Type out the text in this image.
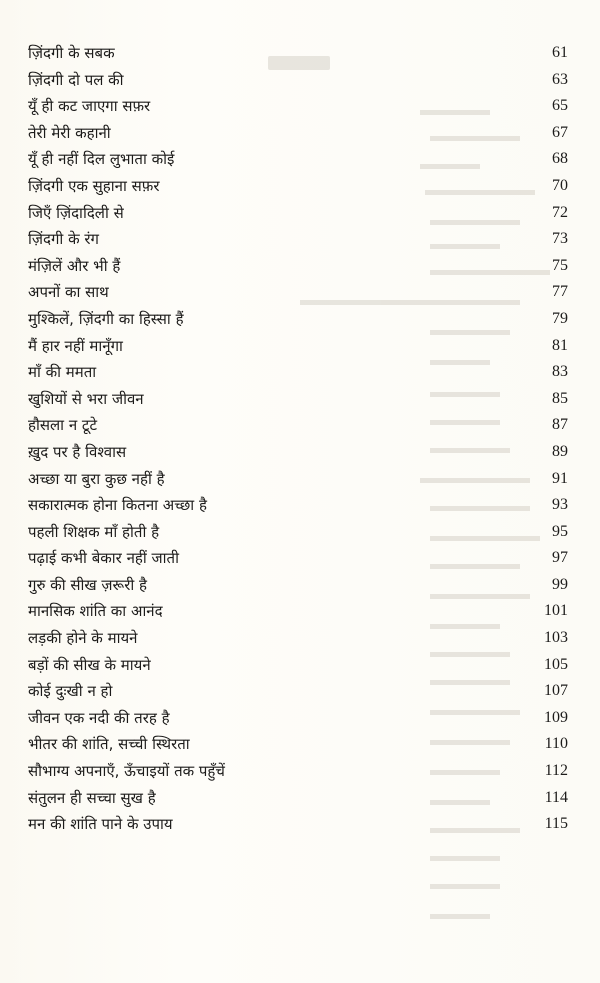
ज़िंदगी के सबक	61
ज़िंदगी दो पल की	63
यूँ ही कट जाएगा सफ़र	65
तेरी मेरी कहानी	67
यूँ ही नहीं दिल लुभाता कोई	68
ज़िंदगी एक सुहाना सफ़र	70
जिएँ ज़िंदादिली से	72
ज़िंदगी के रंग	73
मंज़िलें और भी हैं	75
अपनों का साथ	77
मुश्किलें, ज़िंदगी का हिस्सा हैं	79
मैं हार नहीं मानूँगा	81
माँ की ममता	83
खुशियों से भरा जीवन	85
हौसला न टूटे	87
ख़ुद पर है विश्वास	89
अच्छा या बुरा कुछ नहीं है	91
सकारात्मक होना कितना अच्छा है	93
पहली शिक्षक माँ होती है	95
पढ़ाई कभी बेकार नहीं जाती	97
गुरु की सीख ज़रूरी है	99
मानसिक शांति का आनंद	101
लड़की होने के मायने	103
बड़ों की सीख के मायने	105
कोई दुःखी न हो	107
जीवन एक नदी की तरह है	109
भीतर की शांति, सच्ची स्थिरता	110
सौभाग्य अपनाएँ, ऊँचाइयों तक पहुँचें	112
संतुलन ही सच्चा सुख है	114
मन की शांति पाने के उपाय	115
